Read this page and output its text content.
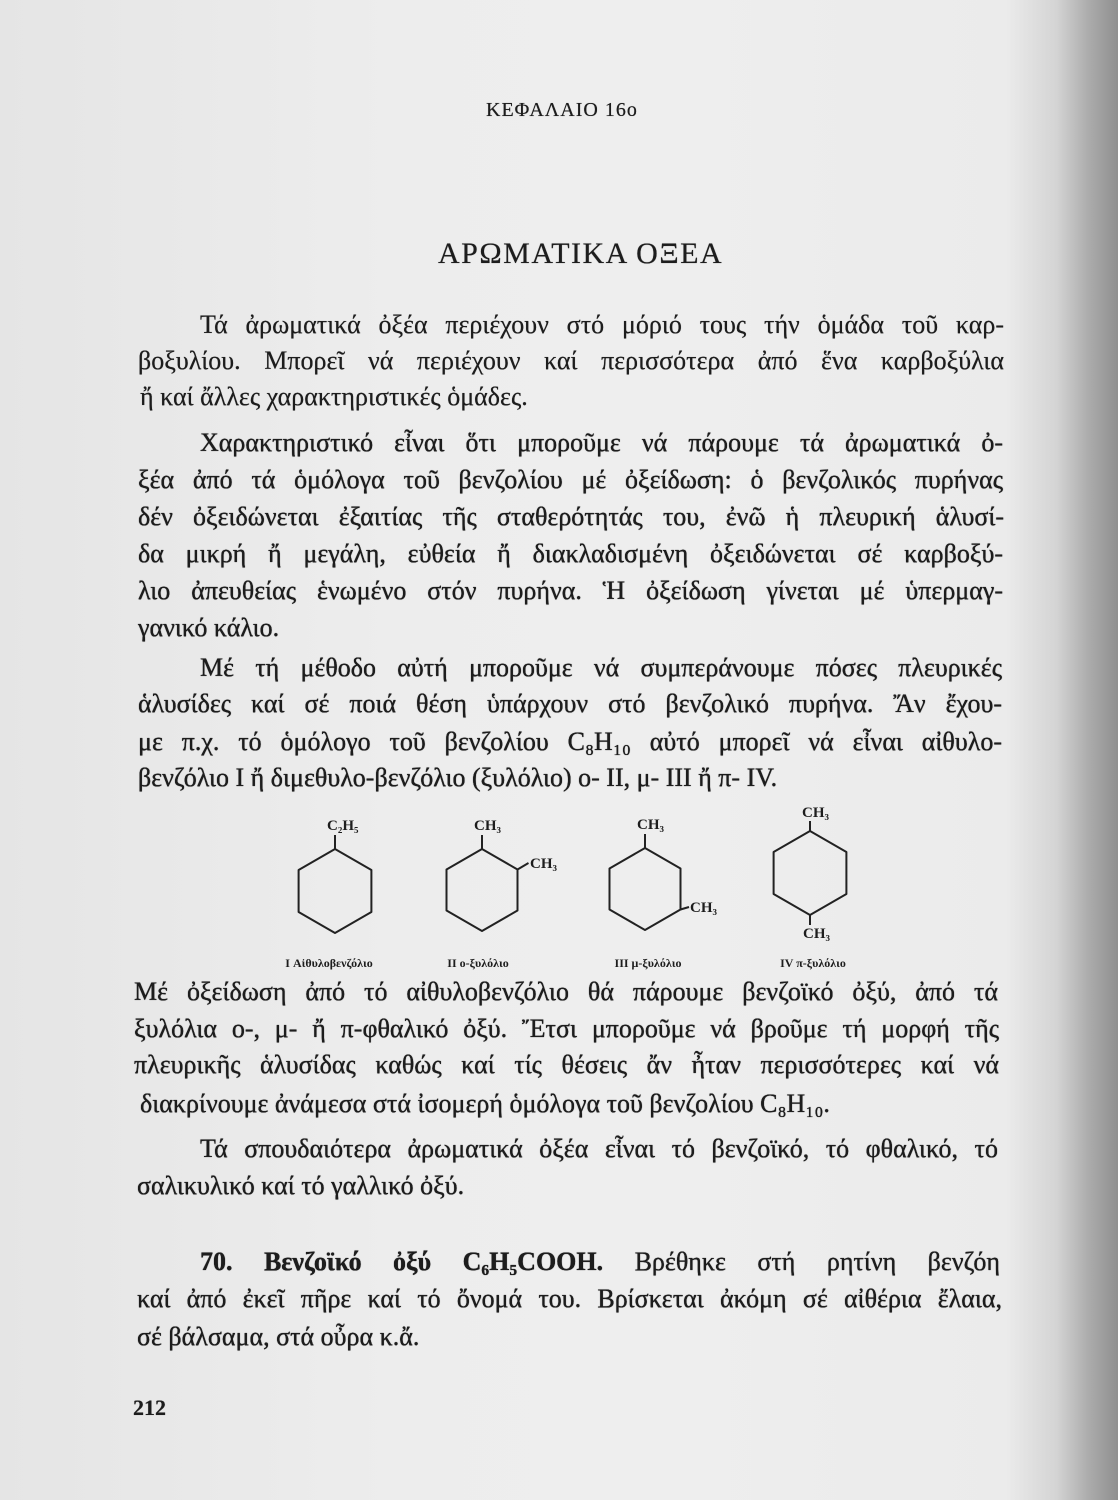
ΚΕΦΑΛΑΙΟ 16ο
ΑΡΩΜΑΤΙΚΑ ΟΞΕΑ
Τά ἀρωματικά ὀξέα περιέχουν στό μόριό τους τήν ὁμάδα τοῦ καρ-
βοξυλίου. Μπορεῖ νά περιέχουν καί περισσότερα ἀπό ἕνα καρβοξύλια
ἤ καί ἄλλες χαρακτηριστικές ὁμάδες.
Χαρακτηριστικό εἶναι ὅτι μποροῦμε νά πάρουμε τά ἀρωματικά ὀ-
ξέα ἀπό τά ὁμόλογα τοῦ βενζολίου μέ ὀξείδωση: ὁ βενζολικός πυρήνας
δέν ὀξειδώνεται ἐξαιτίας τῆς σταθερότητάς του, ἐνῶ ἡ πλευρική ἁλυσί-
δα μικρή ἤ μεγάλη, εὐθεία ἤ διακλαδισμένη ὀξειδώνεται σέ καρβοξύ-
λιο ἀπευθείας ἑνωμένο στόν πυρήνα. Ἡ ὀξείδωση γίνεται μέ ὑπερμαγ-
γανικό κάλιο.
Μέ τή μέθοδο αὐτή μποροῦμε νά συμπεράνουμε πόσες πλευρικές
ἁλυσίδες καί σέ ποιά θέση ὑπάρχουν στό βενζολικό πυρήνα. Ἄν ἔχου-
με π.χ. τό ὁμόλογο τοῦ βενζολίου C₈H₁₀ αὐτό μπορεῖ νά εἶναι αἰθυλο-
βενζόλιο I ἤ διμεθυλο-βενζόλιο (ξυλόλιο) ο- II, μ- III ἤ π- IV.
C₂H₅
I Αἰθυλοβενζόλιο
CH₃
CH₃
II ο-ξυλόλιο
CH₃
CH₃
III μ-ξυλόλιο
CH₃
CH₃
IV π-ξυλόλιο
Μέ ὀξείδωση ἀπό τό αἰθυλοβενζόλιο θά πάρουμε βενζοϊκό ὀξύ, ἀπό τά
ξυλόλια ο-, μ- ἤ π-φθαλικό ὀξύ. Ἔτσι μποροῦμε νά βροῦμε τή μορφή τῆς
πλευρικῆς ἁλυσίδας καθώς καί τίς θέσεις ἄν ἦταν περισσότερες καί νά
διακρίνουμε ἀνάμεσα στά ἰσομερή ὁμόλογα τοῦ βενζολίου C₈H₁₀.
Τά σπουδαιότερα ἀρωματικά ὀξέα εἶναι τό βενζοϊκό, τό φθαλικό, τό
σαλικυλικό καί τό γαλλικό ὀξύ.
70. Βενζοϊκό ὀξύ C₆H₅COOH. Βρέθηκε στή ρητίνη βενζόη
καί ἀπό ἐκεῖ πῆρε καί τό ὄνομά του. Βρίσκεται ἀκόμη σέ αἰθέρια ἔλαια,
σέ βάλσαμα, στά οὖρα κ.ἄ.
212
